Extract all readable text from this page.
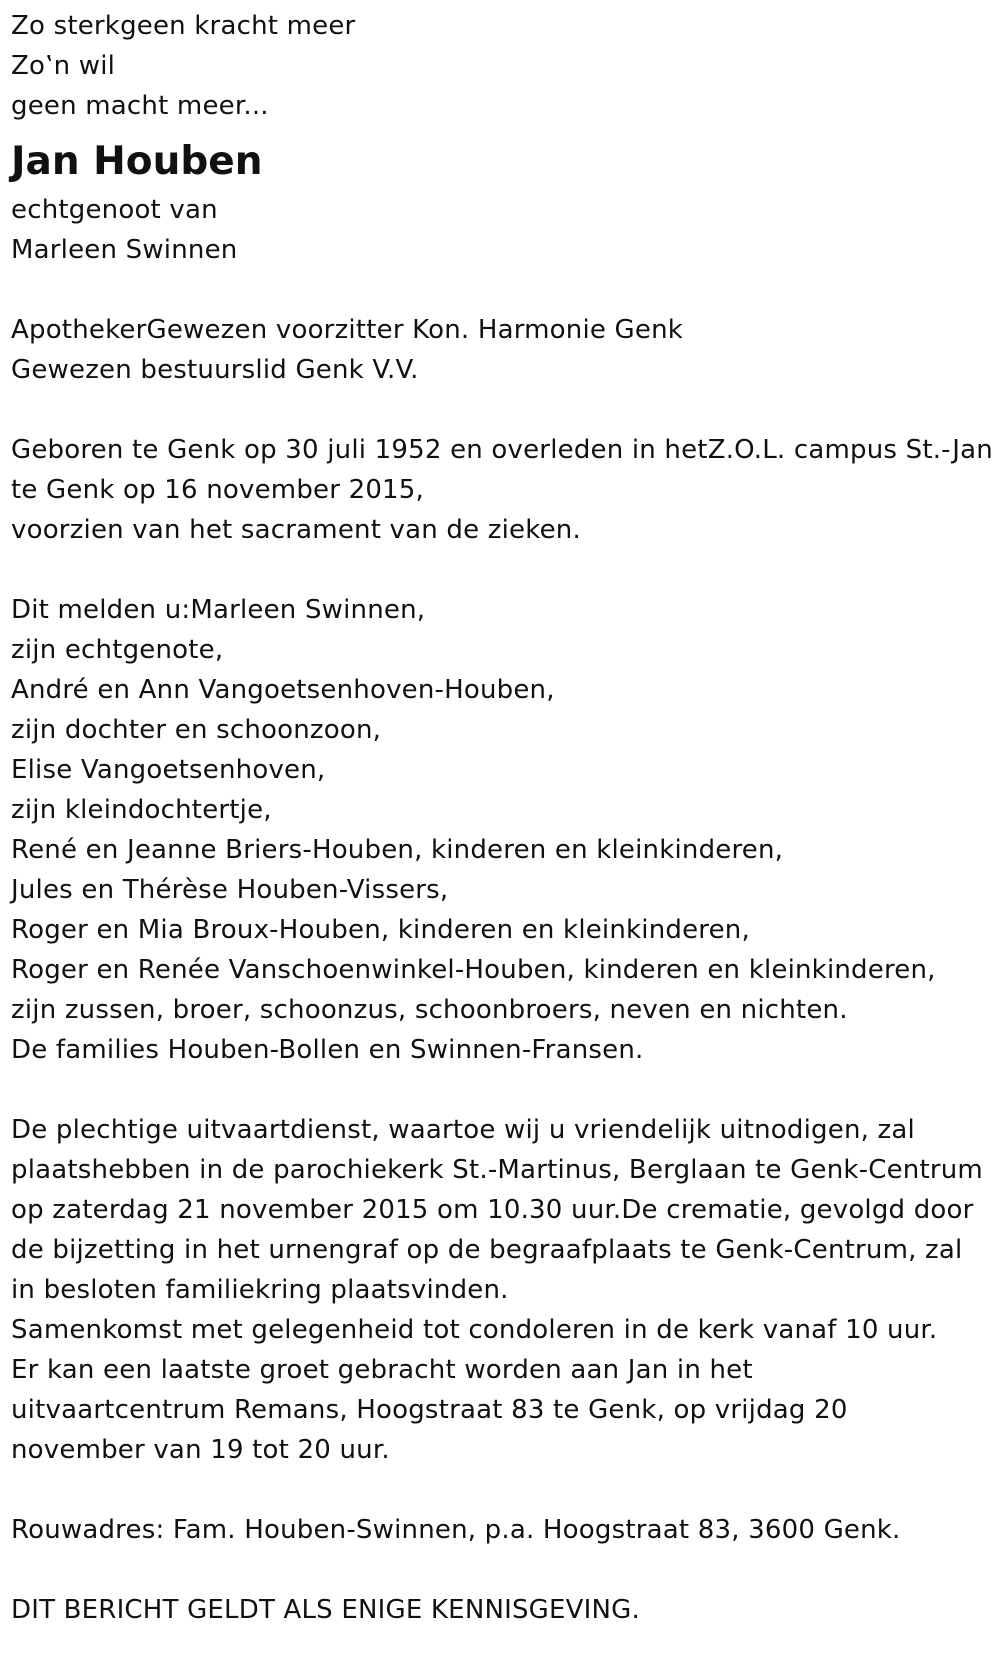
Zo sterkgeen kracht meer
Zo‛n wil
geen macht meer...
Jan Houben
echtgenoot van
Marleen Swinnen
ApothekerGewezen voorzitter Kon. Harmonie Genk
Gewezen bestuurslid Genk V.V.
Geboren te Genk op 30 juli 1952 en overleden in hetZ.O.L. campus St.-Jan
te Genk op 16 november 2015,
voorzien van het sacrament van de zieken.
Dit melden u:Marleen Swinnen,
zijn echtgenote,
André en Ann Vangoetsenhoven-Houben,
zijn dochter en schoonzoon,
Elise Vangoetsenhoven,
zijn kleindochtertje,
René en Jeanne Briers-Houben, kinderen en kleinkinderen,
Jules en Thérèse Houben-Vissers,
Roger en Mia Broux-Houben, kinderen en kleinkinderen,
Roger en Renée Vanschoenwinkel-Houben, kinderen en kleinkinderen,
zijn zussen, broer, schoonzus, schoonbroers, neven en nichten.
De families Houben-Bollen en Swinnen-Fransen.
De plechtige uitvaartdienst, waartoe wij u vriendelijk uitnodigen, zal
plaatshebben in de parochiekerk St.-Martinus, Berglaan te Genk-Centrum
op zaterdag 21 november 2015 om 10.30 uur.De crematie, gevolgd door
de bijzetting in het urnengraf op de begraafplaats te Genk-Centrum, zal
in besloten familiekring plaatsvinden.
Samenkomst met gelegenheid tot condoleren in de kerk vanaf 10 uur.
Er kan een laatste groet gebracht worden aan Jan in het
uitvaartcentrum Remans, Hoogstraat 83 te Genk, op vrijdag 20
november van 19 tot 20 uur.
Rouwadres: Fam. Houben-Swinnen, p.a. Hoogstraat 83, 3600 Genk.
DIT BERICHT GELDT ALS ENIGE KENNISGEVING.
